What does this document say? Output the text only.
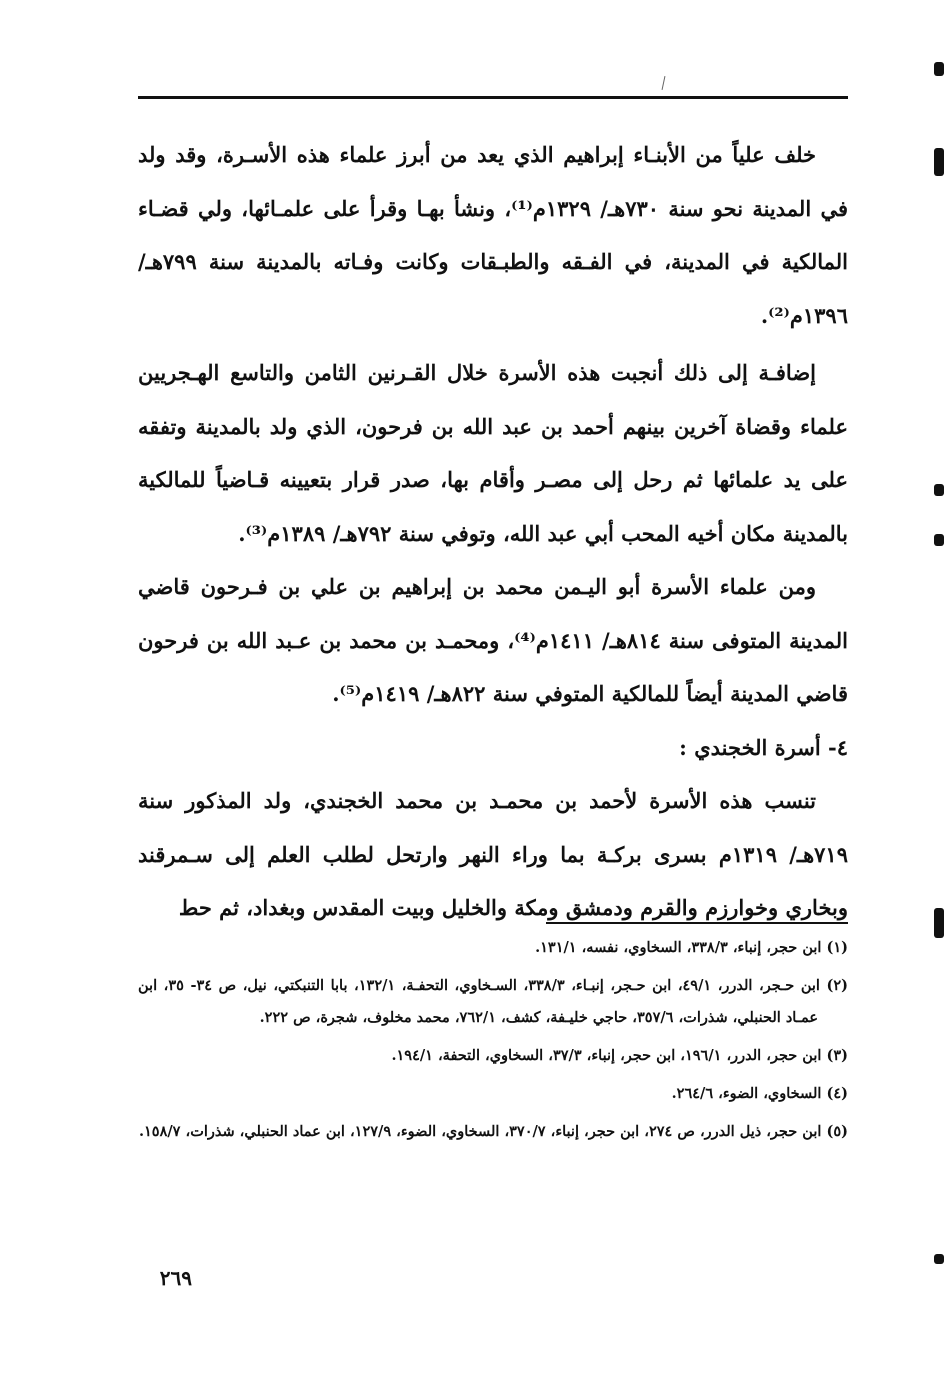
خلف علياً من الأبنـاء إبراهيم الذي يعد من أبرز علماء هذه الأسـرة، وقد ولد في المدينة نحو سنة ٧٣٠هـ/ ١٣٢٩م⁽¹⁾، ونشأ بهـا وقرأ على علمـائها، ولي قضـاء المالكية في المدينة، في الفـقه والطبـقات وكانت وفـاته بالمدينة سنة ٧٩٩هـ/ ١٣٩٦م⁽²⁾.

إضافـة إلى ذلك أنجبت هذه الأسرة خلال القـرنين الثامن والتاسع الهـجريين علماء وقضاة آخرين بينهم أحمد بن عبد الله بن فرحون، الذي ولد بالمدينة وتفقه على يد علمائها ثم رحل إلى مصـر وأقام بها، صدر قرار بتعيينه قـاضياً للمالكية بالمدينة مكان أخيه المحب أبي عبد الله، وتوفي سنة ٧٩٢هـ/ ١٣٨٩م⁽³⁾.

ومن علماء الأسرة أبو اليـمن محمد بن إبراهيم بن علي بن فـرحون قاضي المدينة المتوفى سنة ٨١٤هـ/ ١٤١١م⁽⁴⁾، ومحمـد بن محمد بن عـبد الله بن فرحون قاضي المدينة أيضاً للمالكية المتوفي سنة ٨٢٢هـ/ ١٤١٩م⁽⁵⁾.

٤- أسرة الخجندي :

تنسب هذه الأسرة لأحمد بن محمـد بن محمد الخجندي، ولد المذكور سنة ٧١٩هـ/ ١٣١٩م بسرى بركـة بما وراء النهر وارتحل لطلب العلم إلى سـمرقند وبخاري وخوارزم والقرم ودمشق ومكة والخليل وبيت المقدس وبغداد، ثم حط

(١) ابن حجر، إنباء، ٣٣٨/٣، السخاوي، نفسه، ١٣١/١.

(٢) ابن حـجر، الدرر، ٤٩/١، ابن حـجر، إنبـاء، ٣٣٨/٣، السـخاوي، التحفـة، ١٣٢/١، بابا التنبكتي، نيل، ص ٣٤- ٣٥، ابن عمـاد الحنبلي، شذرات، ٣٥٧/٦، حاجي خليـفة، كشف، ٧٦٢/١، محمد مخلوف، شجرة، ص ٢٢٢.

(٣) ابن حجر، الدرر، ١٩٦/١، ابن حجر، إنباء، ٣٧/٣، السخاوي، التحفة، ١٩٤/١.

(٤) السخاوي، الضوء، ٢٦٤/٦.

(٥) ابن حجر، ذيل الدرر، ص ٢٧٤، ابن حجر، إنباء، ٣٧٠/٧، السخاوي، الضوء، ١٢٧/٩، ابن عماد الحنبلي، شذرات، ١٥٨/٧.

٢٦٩
